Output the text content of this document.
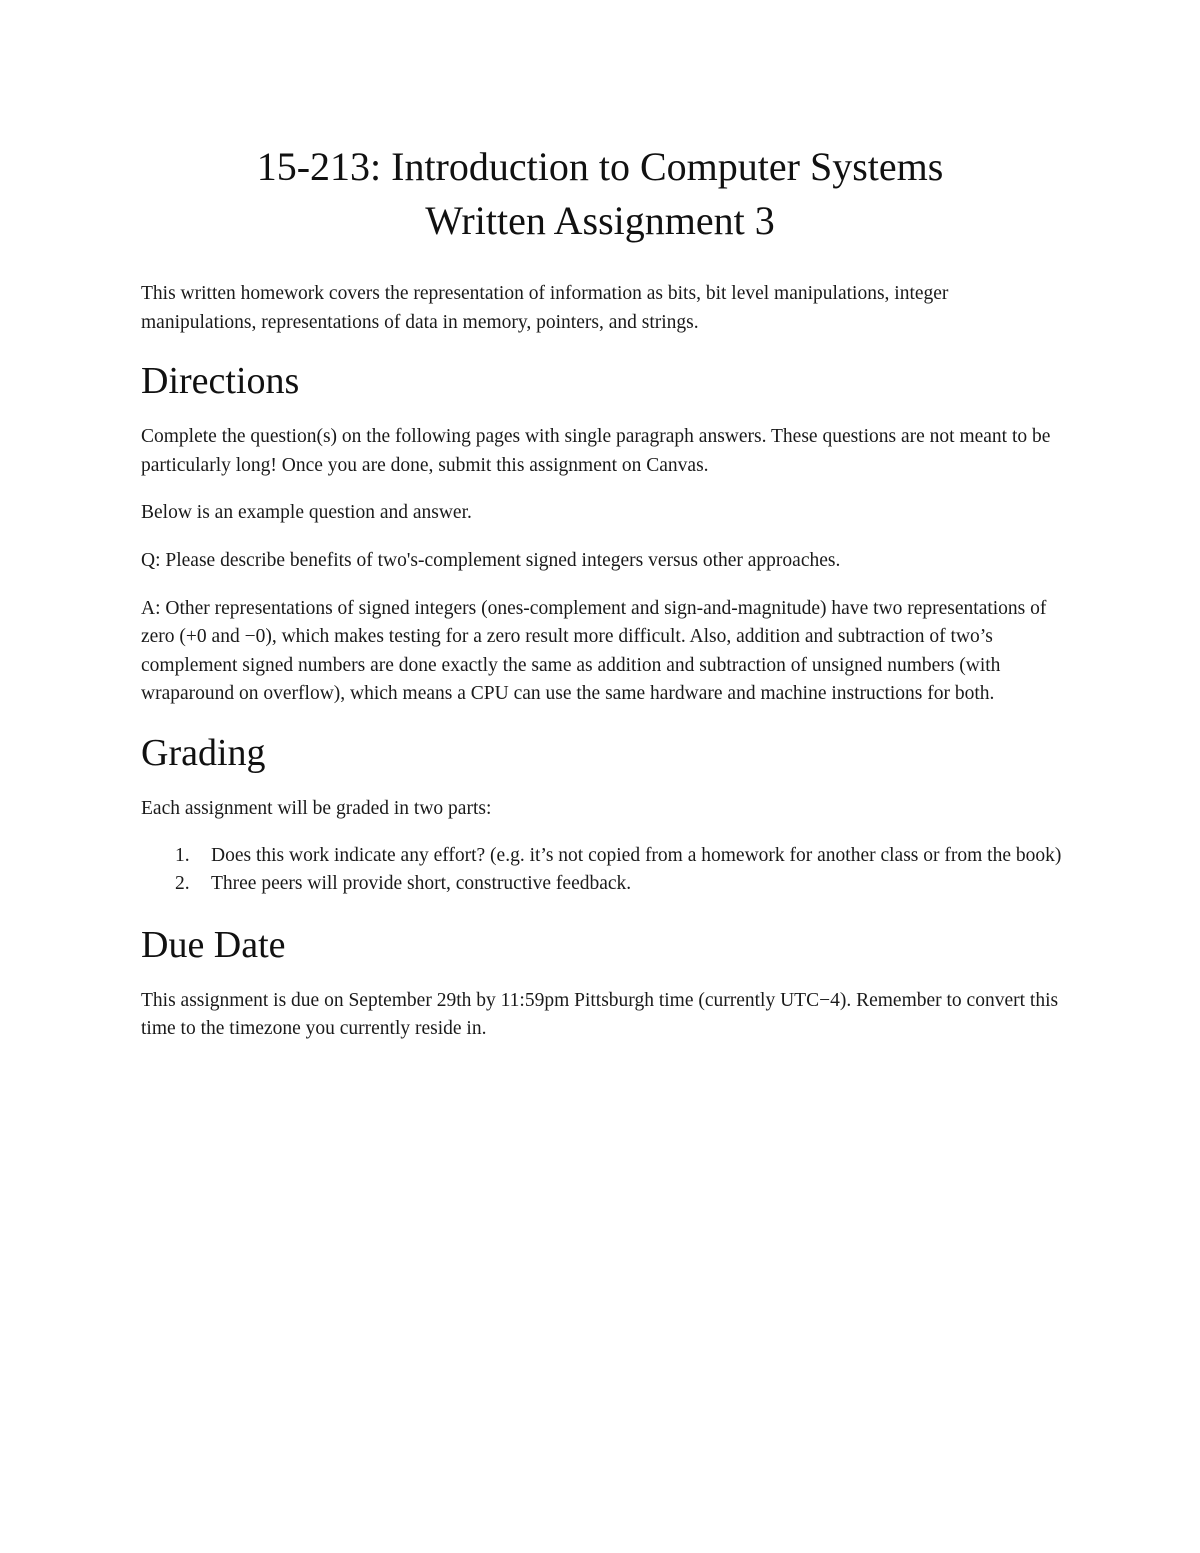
15-213: Introduction to Computer Systems
Written Assignment 3

This written homework covers the representation of information as bits, bit level manipulations, integer manipulations, representations of data in memory, pointers, and strings.

Directions

Complete the question(s) on the following pages with single paragraph answers. These questions are not meant to be particularly long! Once you are done, submit this assignment on Canvas.

Below is an example question and answer.

Q: Please describe benefits of two's-complement signed integers versus other approaches.

A: Other representations of signed integers (ones-complement and sign-and-magnitude) have two representations of zero (+0 and −0), which makes testing for a zero result more difficult. Also, addition and subtraction of two’s complement signed numbers are done exactly the same as addition and subtraction of unsigned numbers (with wraparound on overflow), which means a CPU can use the same hardware and machine instructions for both.

Grading

Each assignment will be graded in two parts:

1. Does this work indicate any effort? (e.g. it’s not copied from a homework for another class or from the book)
2. Three peers will provide short, constructive feedback.
Due Date

This assignment is due on September 29th by 11:59pm Pittsburgh time (currently UTC−4). Remember to convert this time to the timezone you currently reside in.
